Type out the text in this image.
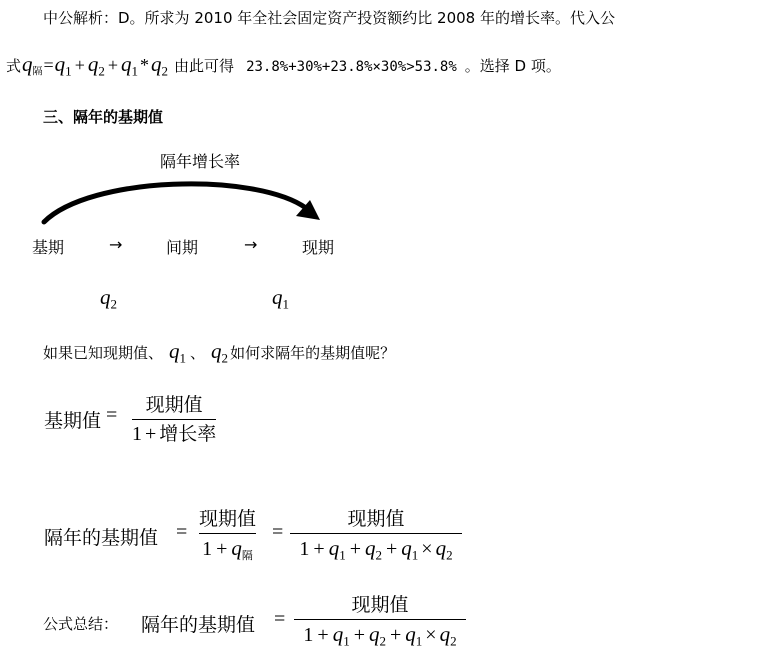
中公解析：D。所求为 2010 年全社会固定资产投资额约比 2008 年的增长率。代入公
式 $q_隔 = q_1 + q_2 + q_1 * q_2$ 由此可得 23.8%+30%+23.8%×30%>53.8% 。选择 D 项。
三、隔年的基期值
隔年增长率
基期	→	间期	→	现期
$q_2$	$q_1$
如果已知现期值、 $q_1$ 、 $q_2$ 如何求隔年的基期值呢？
基期值 = 现期值
1 + 增长率
隔年的基期值 =
现期值
$1 + q_隔$
=
现期值
$1 + q_1 + q_2 + q_1 \times q_2$
公式总结： 隔年的基期值 =
现期值
$1 + q_1 + q_2 + q_1 \times q_2$
